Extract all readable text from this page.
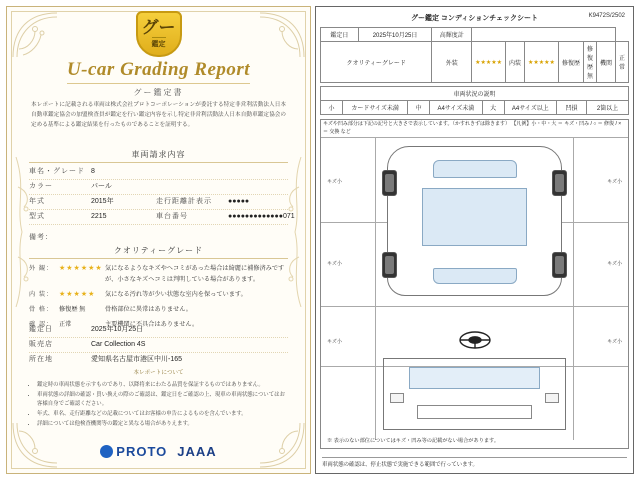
グー
鑑定
U-car Grading Report
グー鑑定書
本レポートに記載される車両は株式会社プロトコーポレーションが委託する特定非営利活動法人日本自動車鑑定協会の加盟検査員が鑑定を行い鑑定内容を示し特定非営利活動法人日本自動車鑑定協会の定める基準による鑑定結果を行ったものであることを証明する。
車両請求内容
車名・グレード 8
カラー	パール
年式	2015年	走行距離計表示	●●●●●
型式	2215	車台番号	●●●●●●●●●●●●●071
備考：
クオリティーグレード
外 観： ★★★★★★ 気になるようなキズやへコミがあった場合は綺麗に補修済みですが、小さなキズヘコミは判明している場合があります。
内 装： ★★★★★	気になる汚れ等が少い状態な室内を保っています。
骨 格： 修復歴 無	骨格部位に異常はありません。
確 認： 正常	主要機関に不具合はありません。
鑑定日	2025年10月25日
販売店	Car Collection 4S
所在地	愛知県名古屋市港区中川-165
本レポートについて
• 鑑定時の車両状態を示すものであり、以降将来にわたる品質を保証するものではありません。
• 車両状態の詳細の確認・買い換えの際のご確認は、鑑定日をご確認の上、現車の車両状態についてはお客様自身でご確認ください。
• 年式、車名、走行距離などの記載についてはお客様の申告によるものを含んでいます。
• 詳細については他検査機関等の鑑定と異なる場合がありえます。
PROTO JAAA
グー鑑定 コンディションチェックシート	K9472S/2502
鑑定日	2025年10月25日	高輝度計							
クオリティーグレード		外装	★★★★★	内装	★★★★★	修復歴	修復歴 無	機関	正常
車両状況の説明
小	カードサイズ未満	中	A4サイズ未満	大	A4サイズ以上	凹損	2箇以上
キズや凹み部分は下記の記号と大きさで表示しています。（かすれきずは除きます） 【凡例】小・中・大 ＝ キズ・凹み / ○ ＝ 修復 / × ＝ 交換 など
キズ小	キズ小
キズ小	キズ小
キズ小	キズ小
※ 表示のない部位についてはキズ・凹み等の記載がない場合があります。
車両状態の確認は、停止状態で実施できる範囲で行っています。
